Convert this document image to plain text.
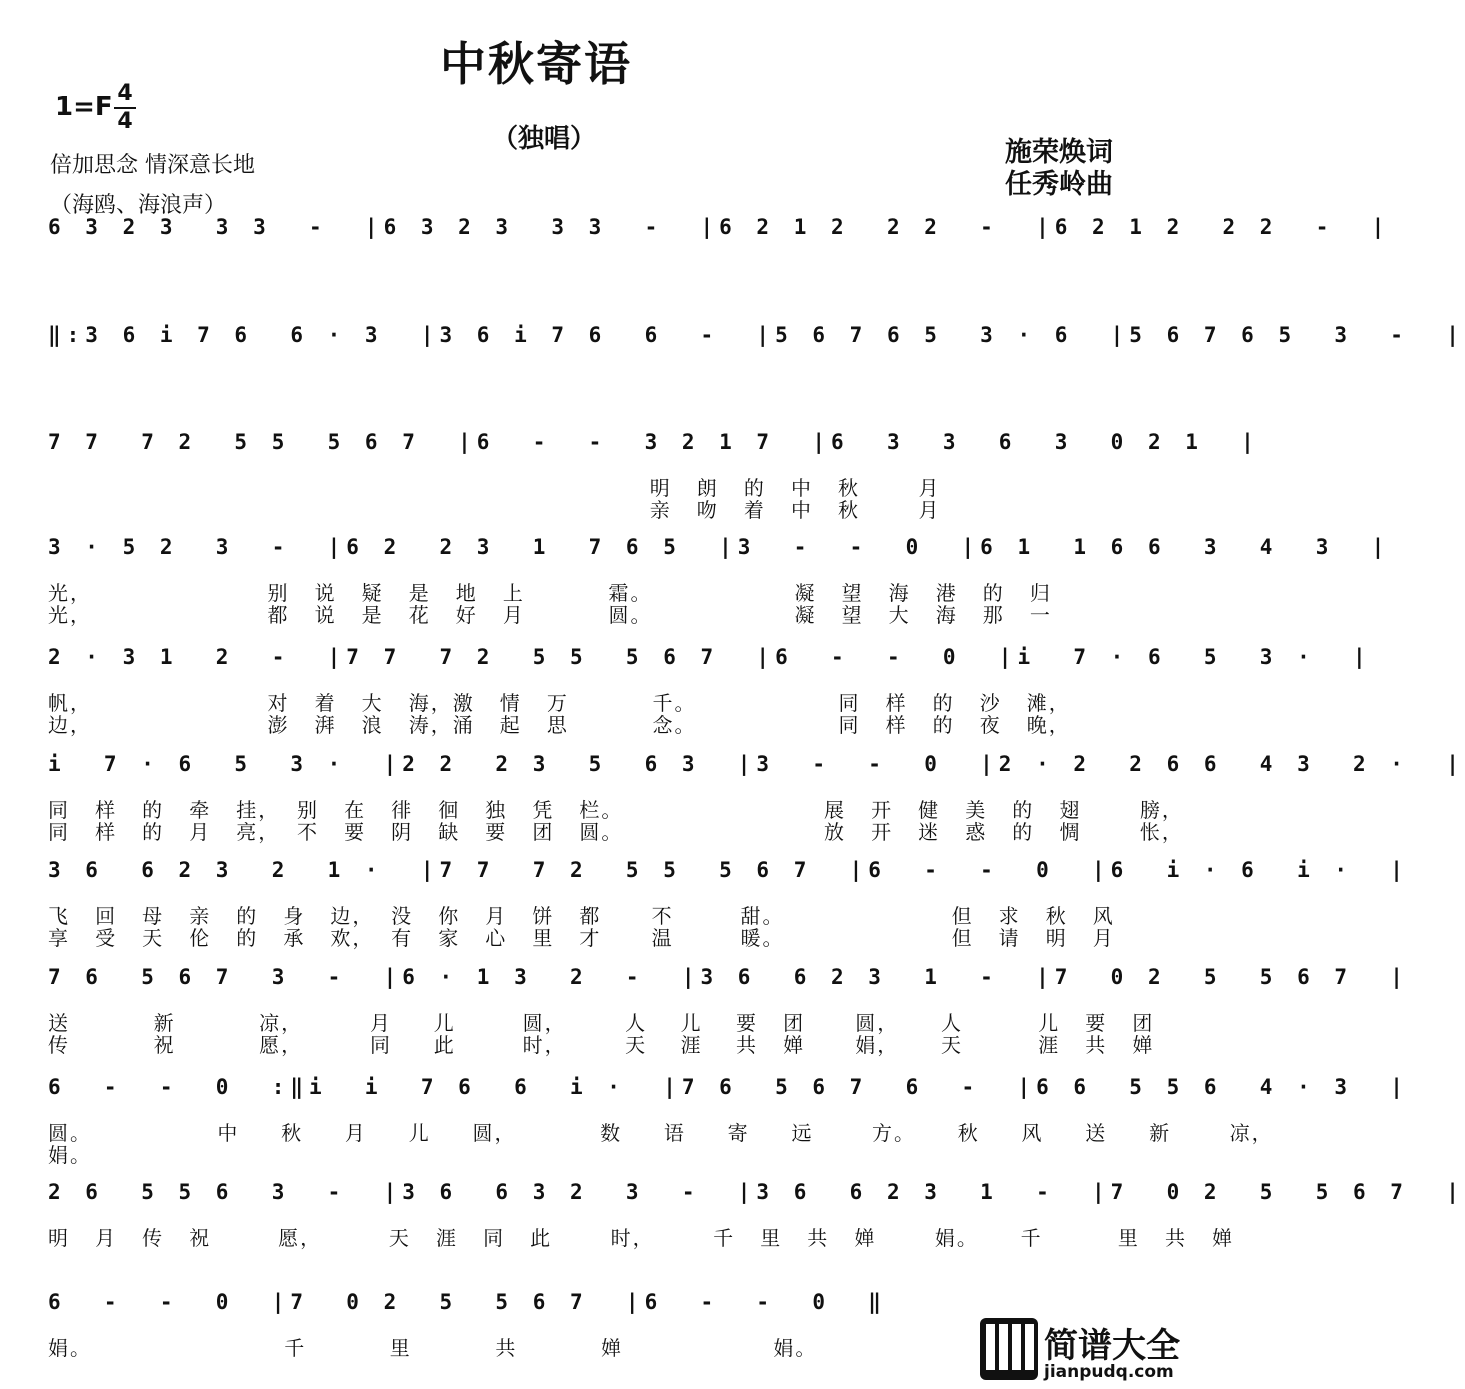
中秋寄语
（独唱）
1=F 4
4
倍加思念 情深意长地
（海鸥、海浪声）
施荣焕词
任秀岭曲
6 3 2 3  3 3  -  |6 3 2 3  3 3  -  |6 2 1 2  2 2  -  |6 2 1 2  2 2  -  |
‖:3 6 i 7 6  6 · 3  |3 6 i 7 6  6  -  |5 6 7 6 5  3 · 6  |5 6 7 6 5  3  -  |
7 7  7 2  5 5  5 6 7  |6  -  -  3 2 1 7  |6  3  3  6  3  0 2 1  |
明   朗   的   中   秋       月
亲   吻   着   中   秋       月
3 · 5 2  3  -  |6 2  2 3  1  7 6 5  |3  -  -  0  |6 1  1 6 6  3  4  3  |
光，                     别   说   疑   是   地   上          霜。                 凝   望   海   港   的   归
光，                     都   说   是   花   好   月          圆。                 凝   望   大   海   那   一
2 · 3 1  2  -  |7 7  7 2  5 5  5 6 7  |6  -  -  0  |i  7 · 6  5  3 ·  |
帆，                     对   着   大   海，激   情   万          千。                 同   样   的   沙   滩，
边，                     澎   湃   浪   涛，涌   起   思          念。                 同   样   的   夜   晚，
i  7 · 6  5  3 ·  |2 2  2 3  5  6 3  |3  -  -  0  |2 · 2  2 6 6  4 3  2 ·  |
同   样   的   牵   挂，  别   在   徘   徊   独   凭   栏。                        展   开   健   美   的   翅       膀，
同   样   的   月   亮，  不   要   阴   缺   要   团   圆。                        放   开   迷   惑   的   惆       怅，
3 6  6 2 3  2  1 ·  |7 7  7 2  5 5  5 6 7  |6  -  -  0  |6  i · 6  i ·  |
飞   回   母   亲   的   身   边，  没   你   月   饼   都      不        甜。                    但   求   秋   风
享   受   天   伦   的   承   欢，  有   家   心   里   才      温        暖。                    但   请   明   月
7 6  5 6 7  3  -  |6 · 1 3  2  -  |3 6  6 2 3  1  -  |7  0 2  5  5 6 7  |
送          新          凉，        月     儿        圆，       人    儿    要   团      圆，     人         儿   要   团
传          祝          愿，        同     此        时，       天    涯    共   婵      娟，     天         涯   共   婵
6  -  -  0  :‖i  i  7 6  6  i ·  |7 6  5 6 7  6  -  |6 6  5 5 6  4 · 3  |
圆。               中     秋     月     儿     圆，          数     语     寄     远       方。     秋     风     送     新       凉，
娟。
2 6  5 5 6  3  -  |3 6  6 3 2  3  -  |3 6  6 2 3  1  -  |7  0 2  5  5 6 7  |
明   月   传   祝        愿，        天   涯   同   此       时，       千   里   共   婵       娟。     千         里   共   婵
6  -  -  0  |7  0 2  5  5 6 7  |6  -  -  0  ‖
娟。                       千          里          共          婵                  娟。	简谱大全
jianpudq.com
